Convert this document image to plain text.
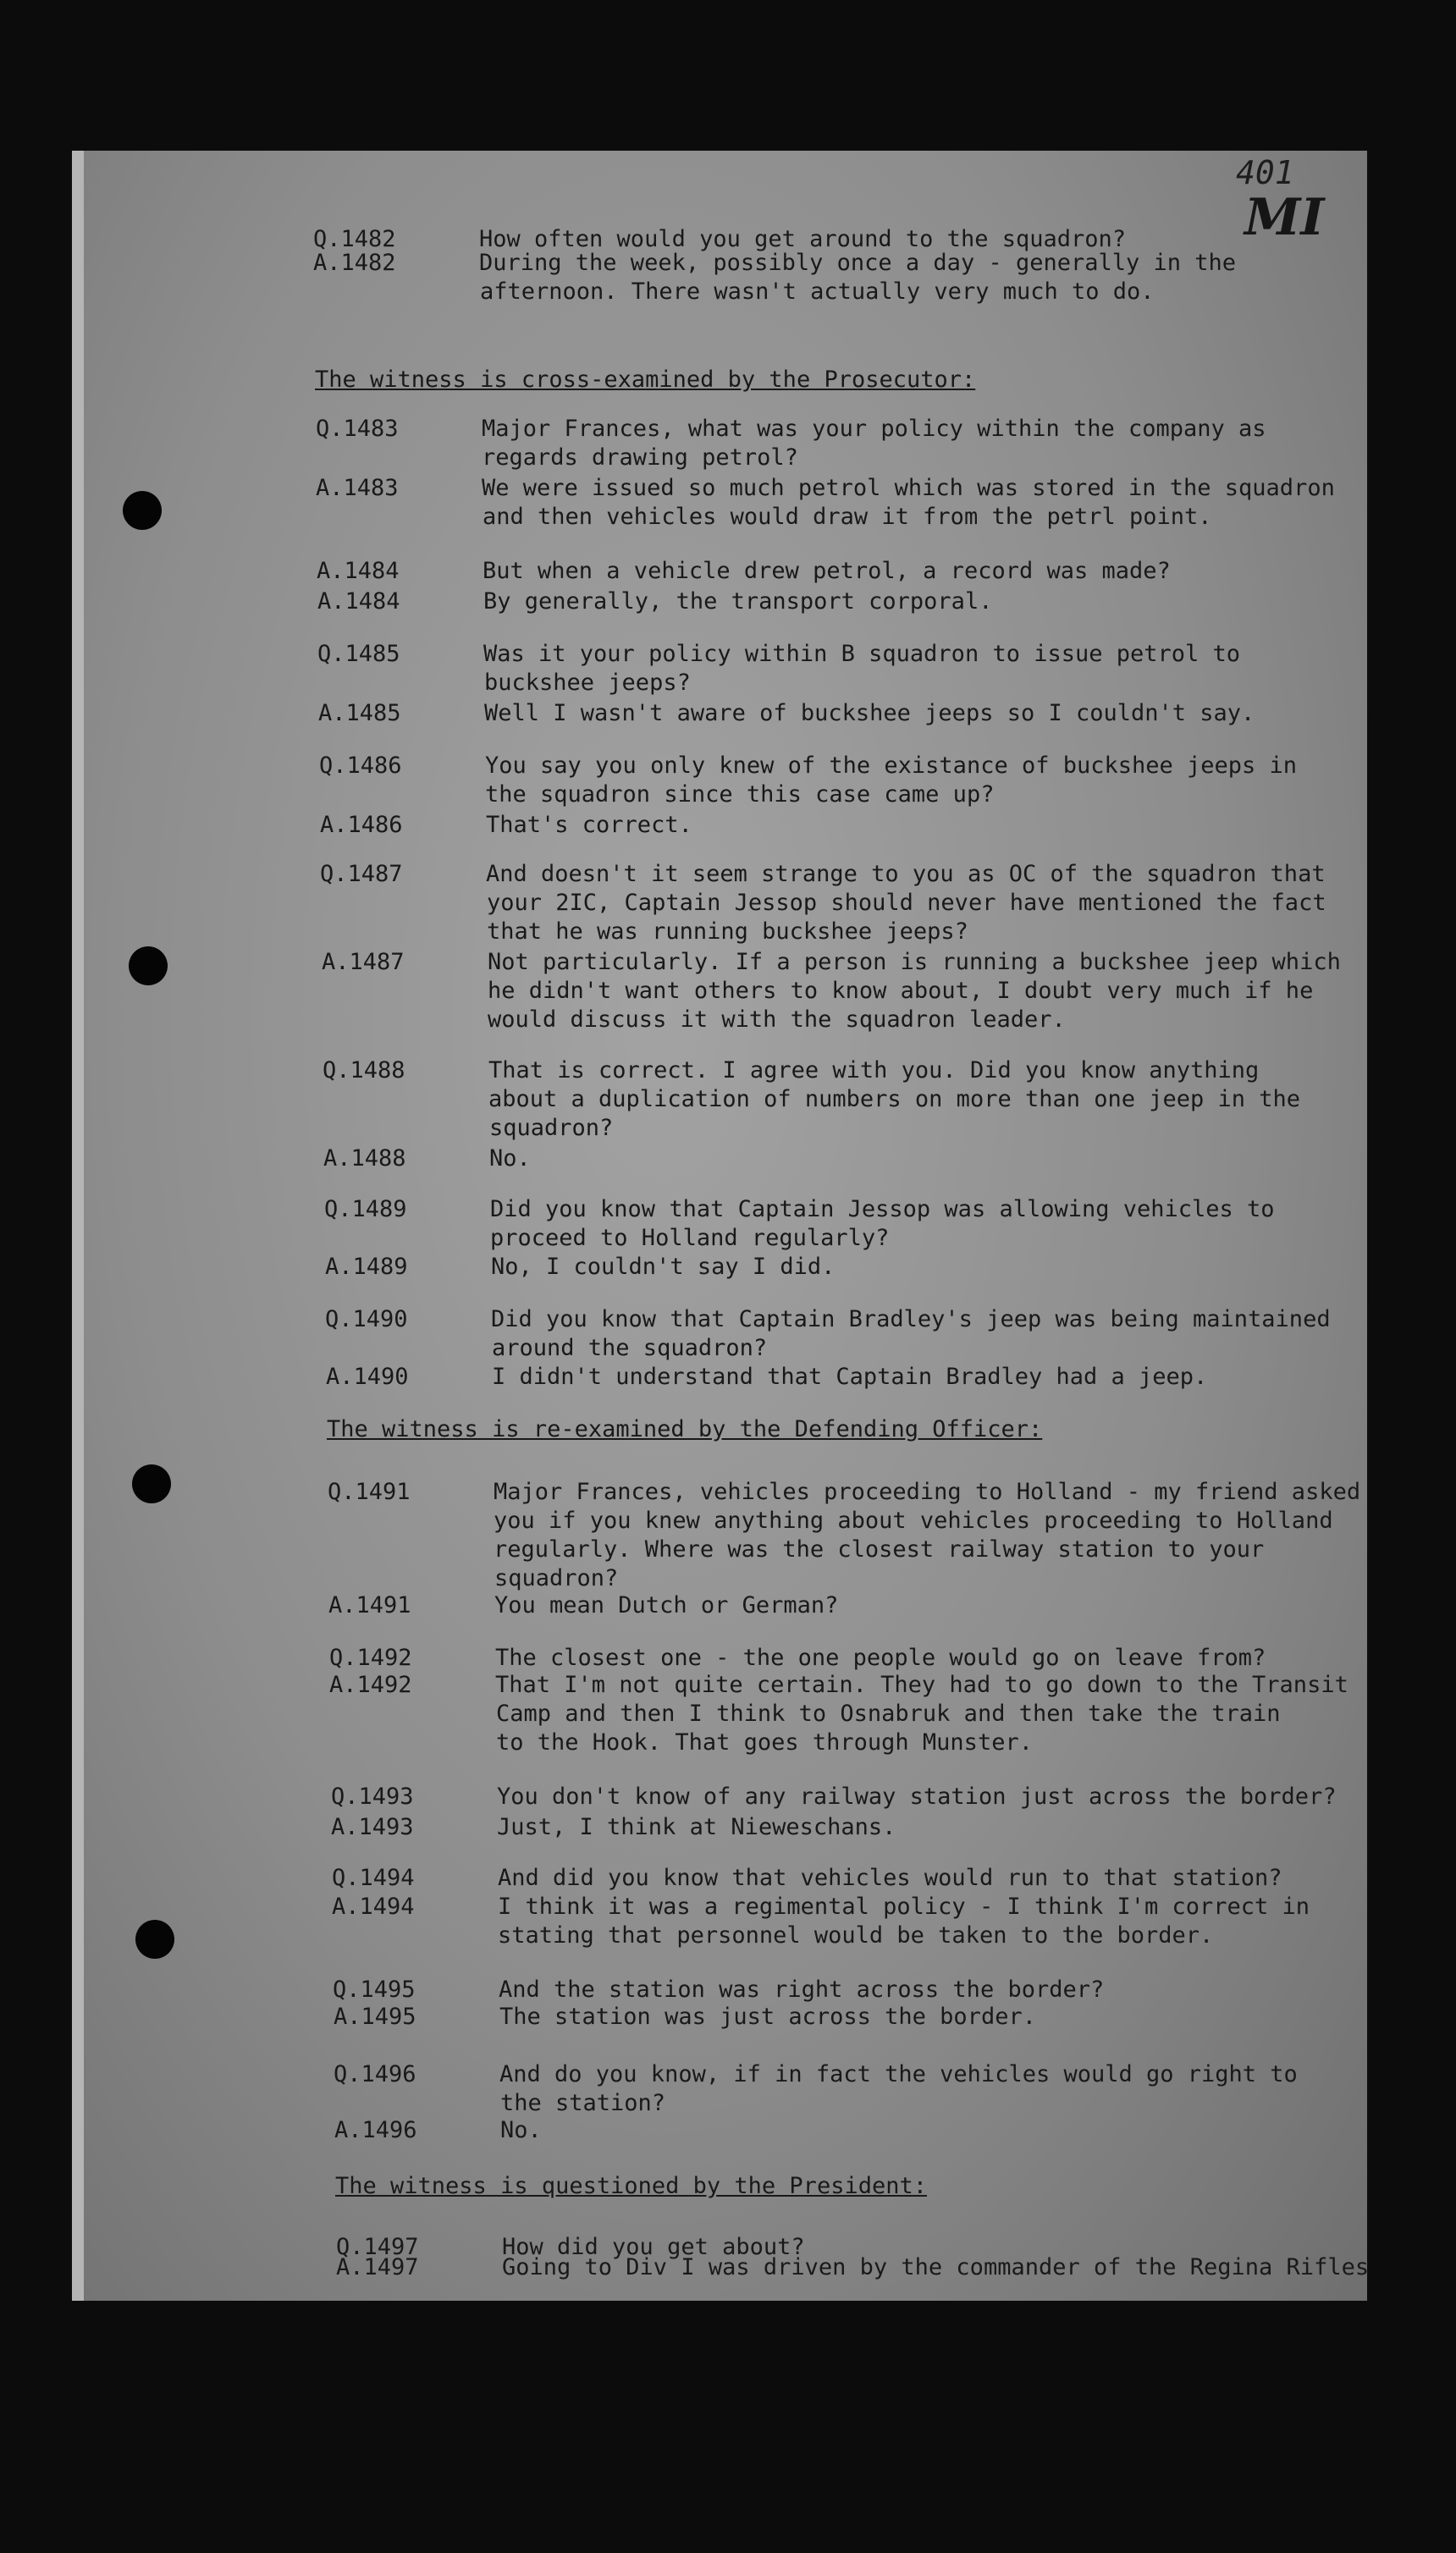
401
MI
Q.1482	How often would you get around to the squadron?
A.1482	During the week, possibly once a day - generally in the
afternoon. There wasn't actually very much to do.
The witness is cross-examined by the Prosecutor:
Q.1483	Major Frances, what was your policy within the company as
regards drawing petrol?
A.1483	We were issued so much petrol which was stored in the squadron
and then vehicles would draw it from the petrl point.
A.1484	But when a vehicle drew petrol, a record was made?
A.1484	By generally, the transport corporal.
Q.1485	Was it your policy within B squadron to issue petrol to
buckshee jeeps?
A.1485	Well I wasn't aware of buckshee jeeps so I couldn't say.
Q.1486	You say you only knew of the existance of buckshee jeeps in
the squadron since this case came up?
A.1486	That's correct.
Q.1487	And doesn't it seem strange to you as OC of the squadron that
your 2IC, Captain Jessop should never have mentioned the fact
that he was running buckshee jeeps?
A.1487	Not particularly. If a person is running a buckshee jeep which
he didn't want others to know about, I doubt very much if he
would discuss it with the squadron leader.
Q.1488	That is correct. I agree with you. Did you know anything
about a duplication of numbers on more than one jeep in the
squadron?
A.1488	No.
Q.1489	Did you know that Captain Jessop was allowing vehicles to
proceed to Holland regularly?
A.1489	No, I couldn't say I did.
Q.1490	Did you know that Captain Bradley's jeep was being maintained
around the squadron?
A.1490	I didn't understand that Captain Bradley had a jeep.
The witness is re-examined by the Defending Officer:
Q.1491	Major Frances, vehicles proceeding to Holland - my friend asked
you if you knew anything about vehicles proceeding to Holland
regularly. Where was the closest railway station to your
squadron?
A.1491	You mean Dutch or German?
Q.1492	The closest one - the one people would go on leave from?
A.1492	That I'm not quite certain. They had to go down to the Transit
Camp and then I think to Osnabruk and then take the train
to the Hook. That goes through Munster.
Q.1493	You don't know of any railway station just across the border?
A.1493	Just, I think at Nieweschans.
Q.1494	And did you know that vehicles would run to that station?
A.1494	I think it was a regimental policy - I think I'm correct in
stating that personnel would be taken to the border.
Q.1495	And the station was right across the border?
A.1495	The station was just across the border.
Q.1496	And do you know, if in fact the vehicles would go right to
the station?
A.1496	No.
The witness is questioned by the President:
Q.1497	How did you get about?
A.1497	Going to Div I was driven by the commander of the Regina Rifles
